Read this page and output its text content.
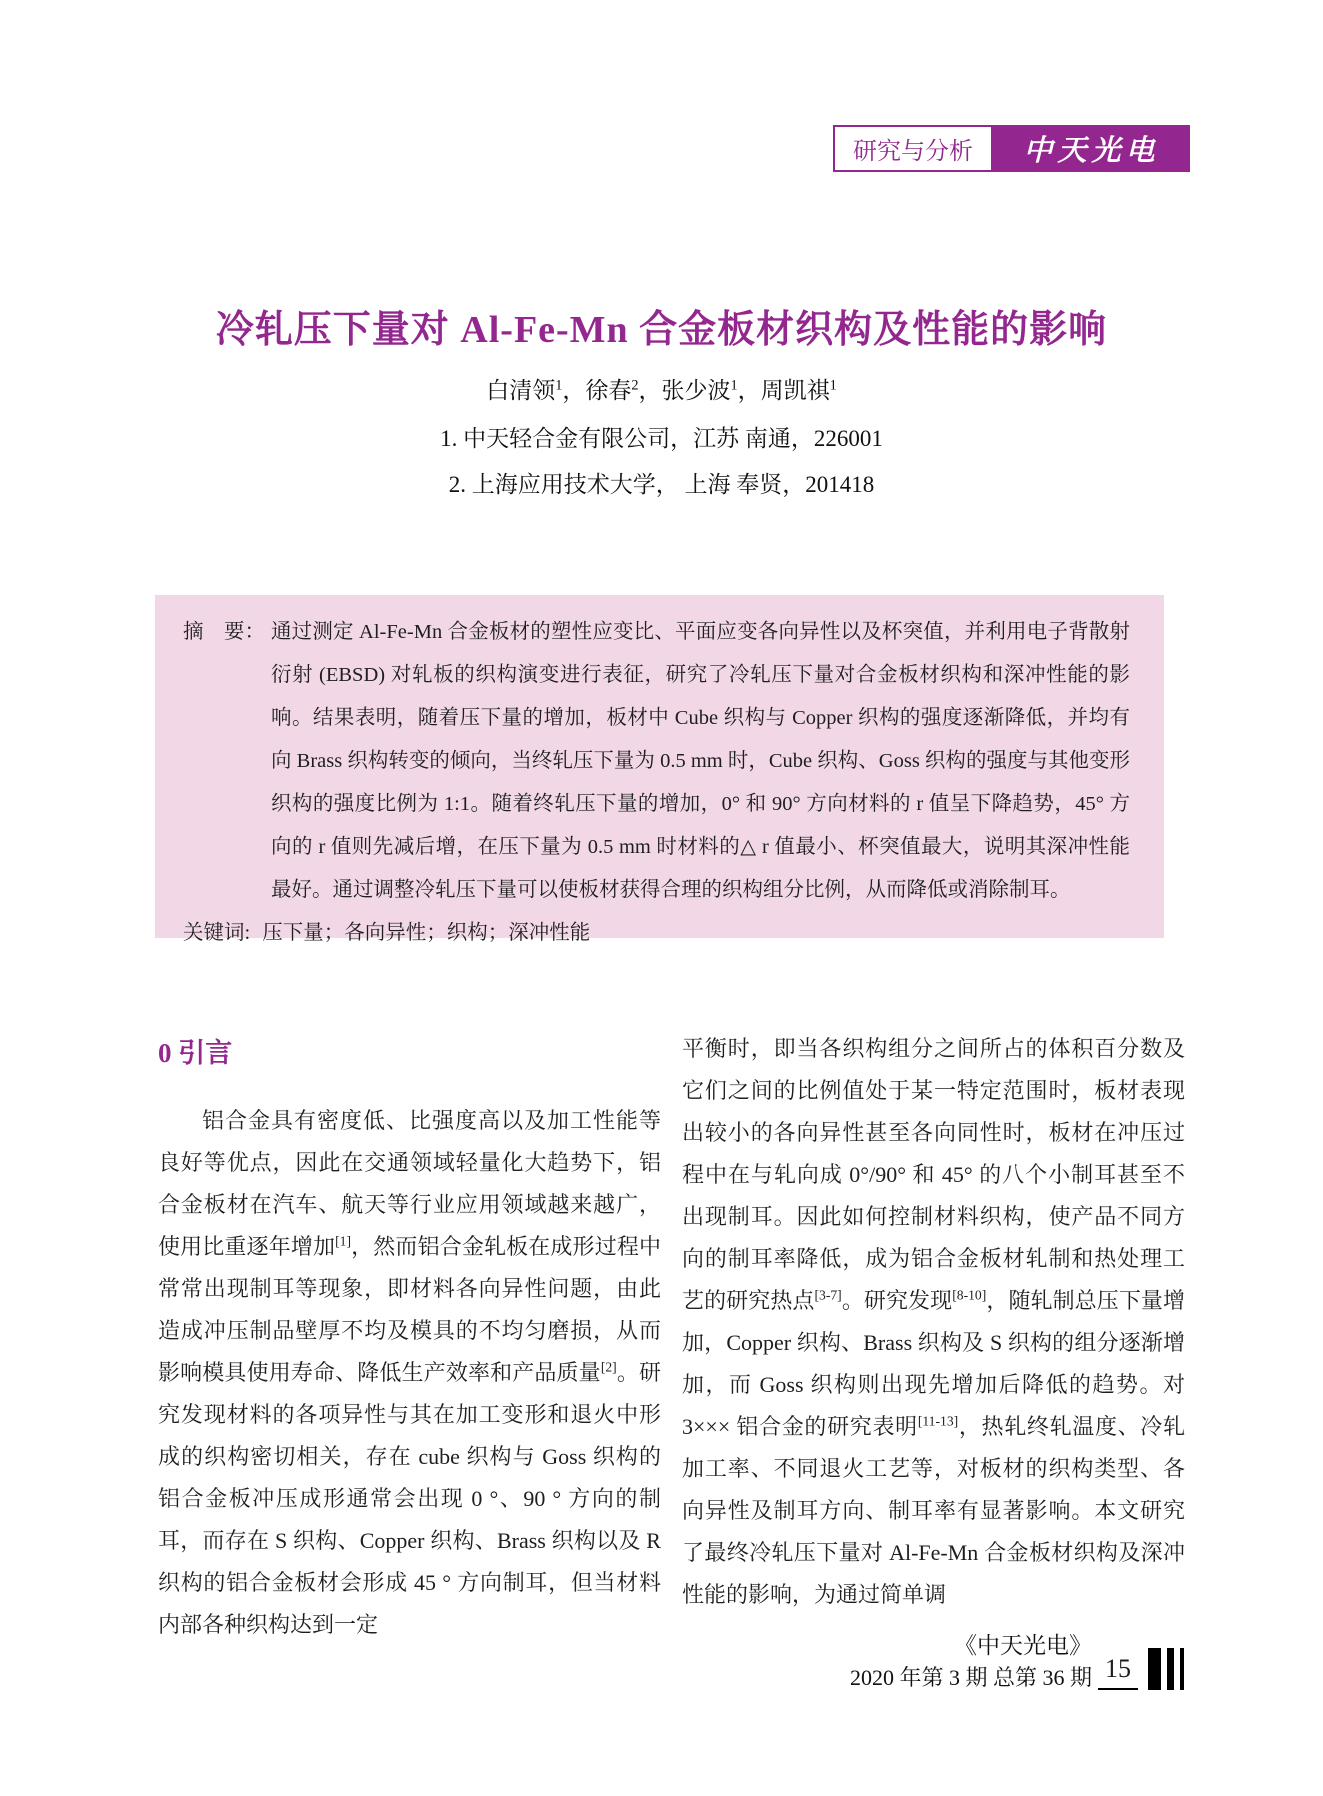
研究与分析 中天光电
冷轧压下量对 Al-Fe-Mn 合金板材织构及性能的影响
白清领$^1$，徐春$^2$，张少波$^1$，周凯祺$^1$
1. 中天轻合金有限公司，江苏 南通，226001
2. 上海应用技术大学， 上海 奉贤，201418
摘　要： 通过测定 Al-Fe-Mn 合金板材的塑性应变比、平面应变各向异性以及杯突值，并利用电子背散射衍射 (EBSD) 对轧板的织构演变进行表征，研究了冷轧压下量对合金板材织构和深冲性能的影响。结果表明，随着压下量的增加，板材中 Cube 织构与 Copper 织构的强度逐渐降低，并均有向 Brass 织构转变的倾向，当终轧压下量为 0.5 mm 时，Cube 织构、Goss 织构的强度与其他变形织构的强度比例为 1:1。随着终轧压下量的增加，0° 和 90° 方向材料的 r 值呈下降趋势，45° 方向的 r 值则先减后增，在压下量为 0.5 mm 时材料的△ r 值最小、杯突值最大，说明其深冲性能最好。通过调整冷轧压下量可以使板材获得合理的织构组分比例，从而降低或消除制耳。
关键词: 压下量；各向异性；织构；深冲性能
0 引言
铝合金具有密度低、比强度高以及加工性能等良好等优点，因此在交通领域轻量化大趋势下，铝合金板材在汽车、航天等行业应用领域越来越广，使用比重逐年增加[1]，然而铝合金轧板在成形过程中常常出现制耳等现象，即材料各向异性问题，由此造成冲压制品壁厚不均及模具的不均匀磨损，从而影响模具使用寿命、降低生产效率和产品质量[2]。研究发现材料的各项异性与其在加工变形和退火中形成的织构密切相关，存在 cube 织构与 Goss 织构的铝合金板冲压成形通常会出现 0 °、90 ° 方向的制耳，而存在 S 织构、Copper 织构、Brass 织构以及 R 织构的铝合金板材会形成 45 ° 方向制耳，但当材料内部各种织构达到一定
平衡时，即当各织构组分之间所占的体积百分数及它们之间的比例值处于某一特定范围时，板材表现出较小的各向异性甚至各向同性时，板材在冲压过程中在与轧向成 0°/90° 和 45° 的八个小制耳甚至不出现制耳。因此如何控制材料织构，使产品不同方向的制耳率降低，成为铝合金板材轧制和热处理工艺的研究热点[3-7]。研究发现[8-10]，随轧制总压下量增加，Copper 织构、Brass 织构及 S 织构的组分逐渐增加，而 Goss 织构则出现先增加后降低的趋势。对 3××× 铝合金的研究表明[11-13]，热轧终轧温度、冷轧加工率、不同退火工艺等，对板材的织构类型、各向异性及制耳方向、制耳率有显著影响。本文研究了最终冷轧压下量对 Al-Fe-Mn 合金板材织构及深冲性能的影响，为通过简单调
《中天光电》
2020 年第 3 期 总第 36 期 15
